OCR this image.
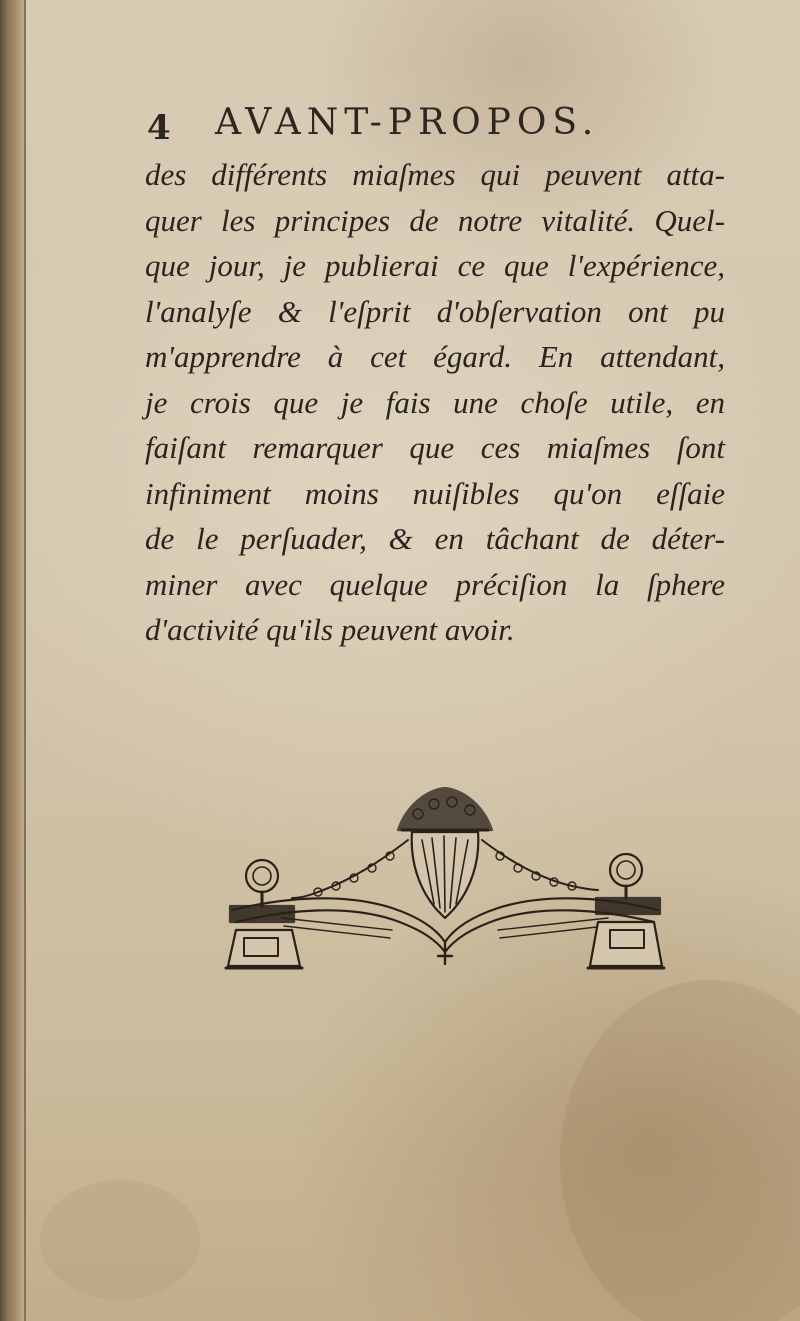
4 AVANT-PROPOS.
des différents miaſmes qui peuvent atta-
quer les principes de notre vitalité. Quel-
que jour, je publierai ce que l'expérience,
l'analyſe & l'eſprit d'obſervation ont pu
m'apprendre à cet égard. En attendant,
je crois que je fais une choſe utile, en
faiſant remarquer que ces miaſmes ſont
infiniment moins nuiſibles qu'on eſſaie
de le perſuader, & en tâchant de déter-
miner avec quelque préciſion la ſphere
d'activité qu'ils peuvent avoir.
